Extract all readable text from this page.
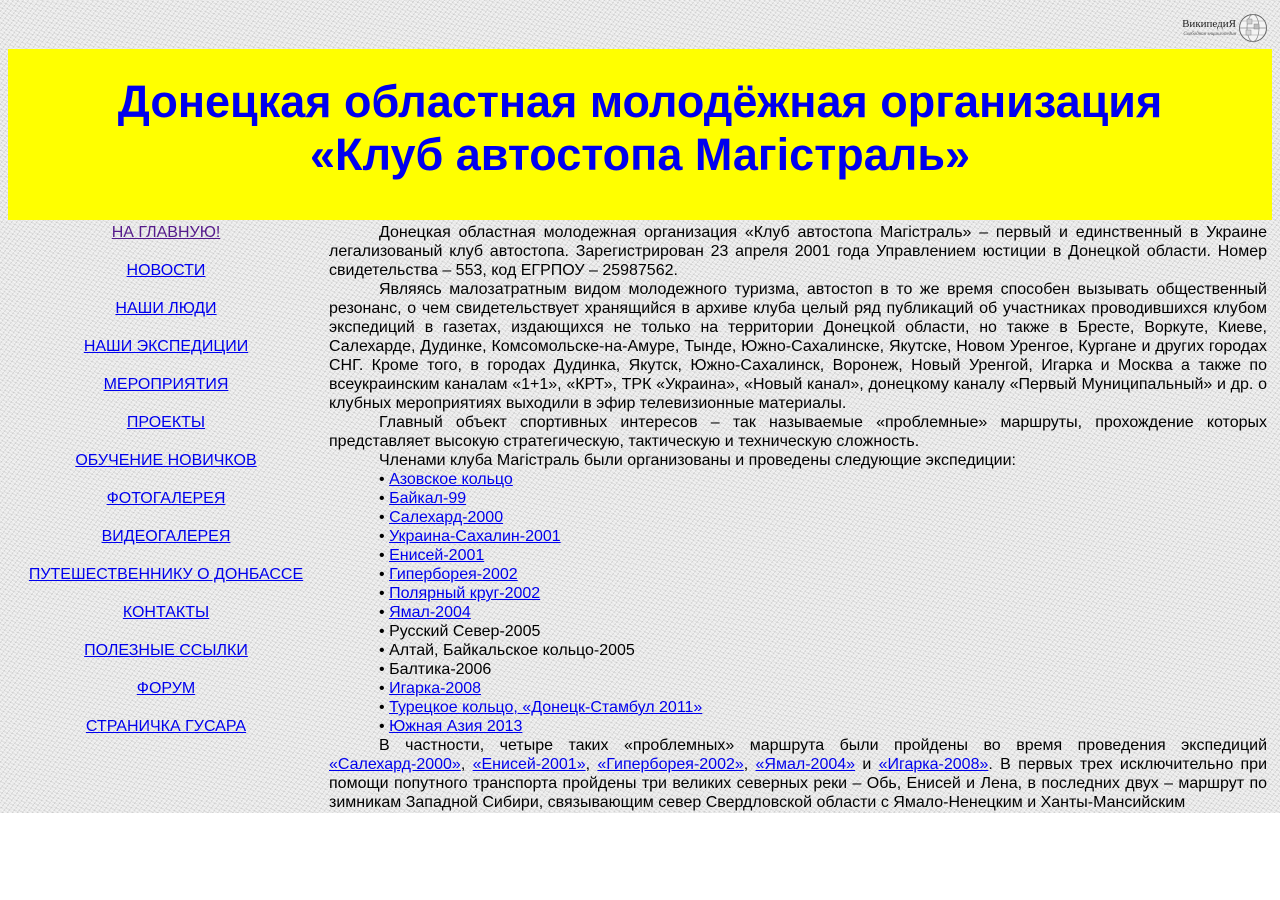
ВикипедиЯ
Свободная энциклопедия
Донецкая областная молодёжная организация «Клуб автостопа Магістраль»
НА ГЛАВНУЮ!
НОВОСТИ
НАШИ ЛЮДИ
НАШИ ЭКСПЕДИЦИИ
МЕРОПРИЯТИЯ
ПРОЕКТЫ
ОБУЧЕНИЕ НОВИЧКОВ
ФОТОГАЛЕРЕЯ
ВИДЕОГАЛЕРЕЯ
ПУТЕШЕСТВЕННИКУ О ДОНБАССЕ
КОНТАКТЫ
ПОЛЕЗНЫЕ ССЫЛКИ
ФОРУМ
СТРАНИЧКА ГУСАРА

Донецкая областная молодежная организация «Клуб автостопа Магістраль» – первый и единственный в Украине легализованый клуб автостопа. Зарегистрирован 23 апреля 2001 года Управлением юстиции в Донецкой области. Номер свидетельства – 553, код ЕГРПОУ – 25987562.

Являясь малозатратным видом молодежного туризма, автостоп в то же время способен вызывать общественный резонанс, о чем свидетельствует хранящийся в архиве клуба целый ряд публикаций об участниках проводившихся клубом экспедиций в газетах, издающихся не только на территории Донецкой области, но также в Бресте, Воркуте, Киеве, Салехарде, Дудинке, Комсомольске-на-Амуре, Тынде, Южно-Сахалинске, Якутске, Новом Уренгое, Кургане и других городах СНГ. Кроме того, в городах Дудинка, Якутск, Южно-Сахалинск, Воронеж, Новый Уренгой, Игарка и Москва а также по всеукраинским каналам «1+1», «КРТ», ТРК «Украина», «Новый канал», донецкому каналу «Первый Муниципальный» и др. о клубных мероприятиях выходили в эфир телевизионные материалы.

Главный объект спортивных интересов – так называемые «проблемные» маршруты, прохождение которых представляет высокую стратегическую, тактическую и техническую сложность.

Членами клуба Магістраль были организованы и проведены следующие экспедиции:

• Азовское кольцо
• Байкал-99
• Салехард-2000
• Украина-Сахалин-2001
• Енисей-2001
• Гиперборея-2002
• Полярный круг-2002
• Ямал-2004
• Русский Север-2005
• Алтай, Байкальское кольцо-2005
• Балтика-2006
• Игарка-2008
• Турецкое кольцо, «Донецк-Стамбул 2011»
• Южная Азия 2013

В частности, четыре таких «проблемных» маршрута были пройдены во время проведения экспедиций «Салехард-2000», «Енисей-2001», «Гиперборея-2002», «Ямал-2004» и «Игарка-2008». В первых трех исключительно при помощи попутного транспорта пройдены три великих северных реки – Обь, Енисей и Лена, в последних двух – маршрут по зимникам Западной Сибири, связывающим север Свердловской области с Ямало-Ненецким и Ханты-Мансийским
